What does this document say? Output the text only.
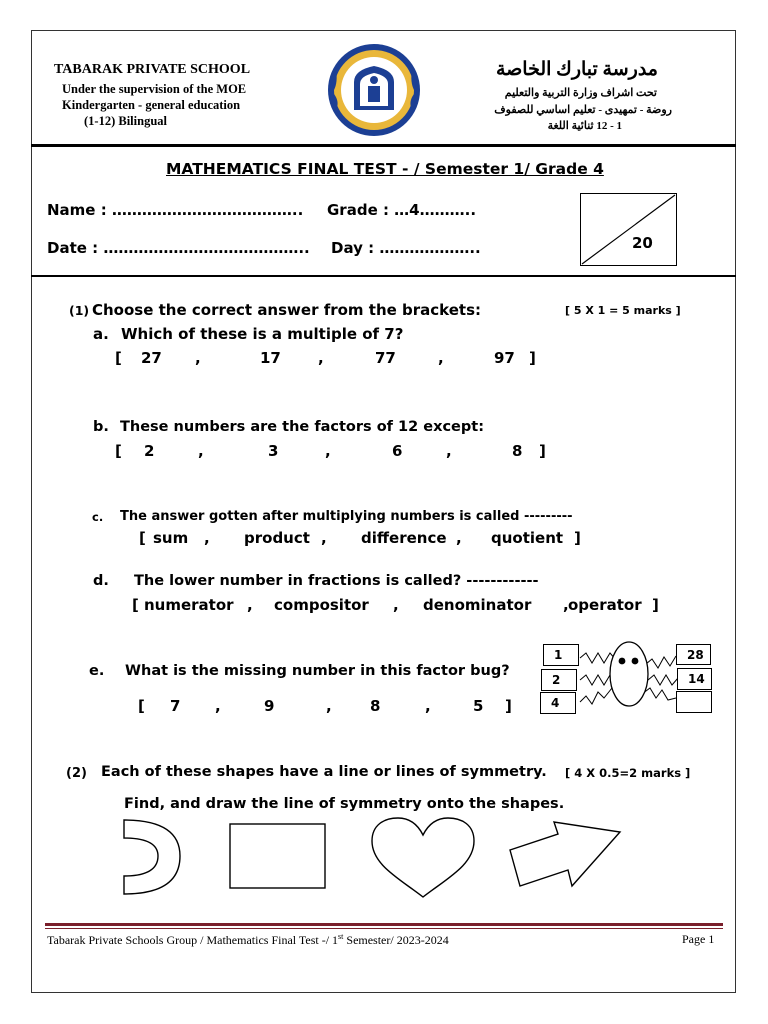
TABARAK PRIVATE SCHOOL
Under the supervision of the MOE
Kindergarten - general education
(1-12) Bilingual
مدرسة تبارك الخاصة
تحت اشراف وزارة التربية والتعليم
روضة - تمهيدى - تعليم اساسي للصفوف
1 - 12 ثنائية اللغة
MATHEMATICS FINAL TEST - / Semester 1/ Grade 4
Name : ……………………………….. Grade : …4………..
Date : ………………………………….. Day : ………………..	20
(1) Choose the correct answer from the brackets:	[ 5 X 1 = 5 marks ]
a. Which of these is a multiple of 7?
[ 27 ,	17 ,	77	,	97 ]
b. These numbers are the factors of 12 except:
[ 2	,	3	,	6	,	8 ]
c. The answer gotten after multiplying numbers is called ---------
[ sum , product , difference , quotient ]
d. The lower number in fractions is called? ------------
[ numerator , compositor , denominator , operator ]
e. What is the missing number in this factor bug?
[ 7 ,	9	,	8	,	5 ]
1
2
4
28
14
(2) Each of these shapes have a line or lines of symmetry. [ 4 X 0.5=2 marks ]
Find, and draw the line of symmetry onto the shapes.
Tabarak Private Schools Group / Mathematics Final Test -/ 1st Semester/ 2023-2024	Page 1
